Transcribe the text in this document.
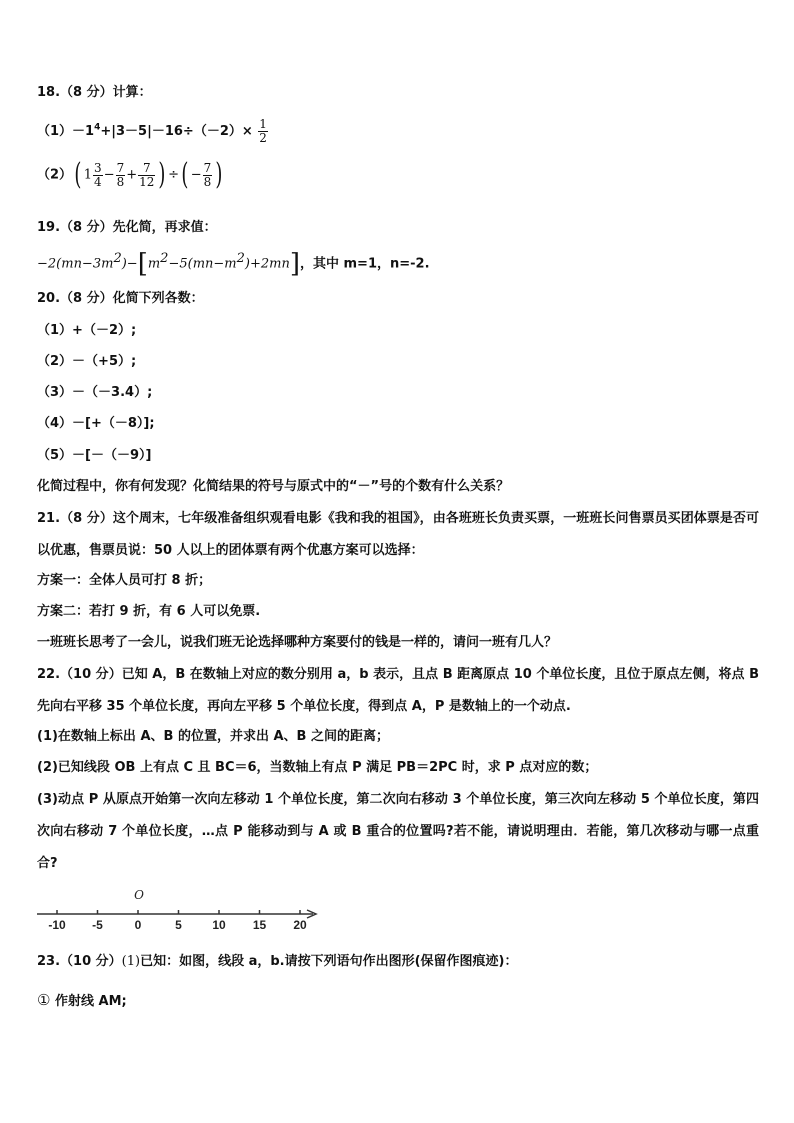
18.（8 分）计算：
$(1)-1^4+|3-5|-16\div(-2)\times \frac{1}{2}$
（2）( $1 \frac{3}{4} - \frac{7}{8} + \frac{7}{12}$ ) ÷( − $\frac{7}{8}$ )
19.（8 分）先化简，再求值：
$-2(mn-3m^2)-[m^2-5(mn-m^2)+2mn]$，其中 m=1，n=-2.
20.（8 分）化简下列各数：
（1）+（－2）;
（2）－（+5）;
（3）－（－3.4）;
（4）－[+（－8）];
（5）－[－（－9）]
化简过程中，你有何发现？化简结果的符号与原式中的“－”号的个数有什么关系？
21.（8 分）这个周末，七年级准备组织观看电影《我和我的祖国》，由各班班长负责买票，一班班长问售票员买团体票是否可以优惠，售票员说：50 人以上的团体票有两个优惠方案可以选择：
方案一：全体人员可打 8 折；
方案二：若打 9 折，有 6 人可以免票.
一班班长思考了一会儿，说我们班无论选择哪种方案要付的钱是一样的，请问一班有几人？
22.（10 分）已知 A，B 在数轴上对应的数分别用 a，b 表示，且点 B 距离原点 10 个单位长度，且位于原点左侧，将点 B 先向右平移 35 个单位长度，再向左平移 5 个单位长度，得到点 A，P 是数轴上的一个动点.
(1)在数轴上标出 A、B 的位置，并求出 A、B 之间的距离；
(2)已知线段 OB 上有点 C 且 BC＝6，当数轴上有点 P 满足 PB＝2PC 时，求 P 点对应的数；
(3)动点 P 从原点开始第一次向左移动 1 个单位长度，第二次向右移动 3 个单位长度，第三次向左移动 5 个单位长度，第四次向右移动 7 个单位长度，…点 P 能移动到与 A 或 B 重合的位置吗?若不能，请说明理由．若能，第几次移动与哪一点重合?
O
-10 -5	0	5	10 15 20
23.（10 分）(1)已知：如图，线段 a，b.请按下列语句作出图形(保留作图痕迹)：
① 作射线 AM;
